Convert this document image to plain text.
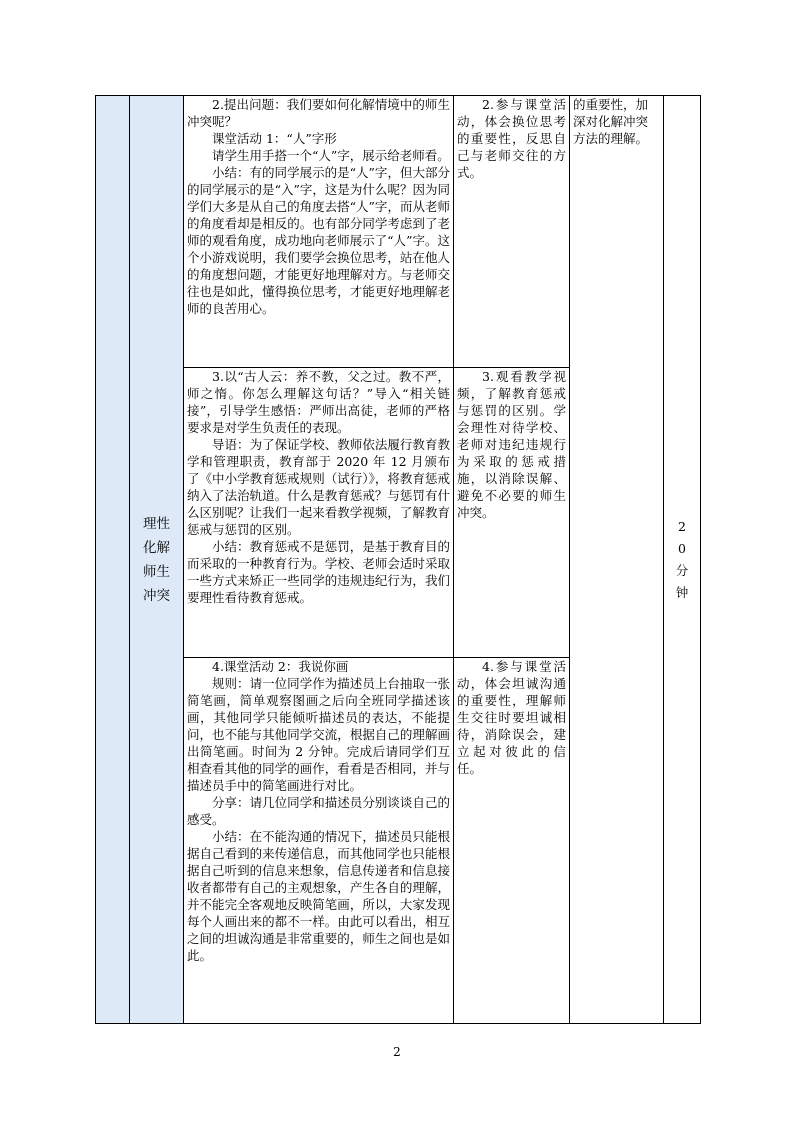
	理性化解师生冲突	2.提出问题：我们要如何化解情境中的师生冲突呢？

课堂活动 1：“人”字形

请学生用手搭一个“人”字，展示给老师看。

小结：有的同学展示的是“人”字，但大部分的同学展示的是“入”字，这是为什么呢？因为同学们大多是从自己的角度去搭“人”字，而从老师的角度看却是相反的。也有部分同学考虑到了老师的观看角度，成功地向老师展示了“人”字。这个小游戏说明，我们要学会换位思考，站在他人的角度想问题，才能更好地理解对方。与老师交往也是如此，懂得换位思考，才能更好地理解老师的良苦用心。	2.参与课堂活动，体会换位思考的重要性，反思自己与老师交往的方式。	的重要性，加深对化解冲突方法的理解。	20分钟

		3.以“古人云：养不教，父之过。教不严，师之惰。你怎么理解这句话？”导入“相关链接”，引导学生感悟：严师出高徒，老师的严格要求是对学生负责任的表现。

导语：为了保证学校、教师依法履行教育教学和管理职责，教育部于 2020 年 12 月颁布了《中小学教育惩戒规则（试行）》，将教育惩戒纳入了法治轨道。什么是教育惩戒？与惩罚有什么区别呢？让我们一起来看教学视频，了解教育惩戒与惩罚的区别。

小结：教育惩戒不是惩罚，是基于教育目的而采取的一种教育行为。学校、老师会适时采取一些方式来矫正一些同学的违规违纪行为，我们要理性看待教育惩戒。	3.观看教学视频，了解教育惩戒与惩罚的区别。学会理性对待学校、老师对违纪违规行为采取的惩戒措施，以消除误解、避免不必要的师生冲突。		

		4.课堂活动 2：我说你画

规则：请一位同学作为描述员上台抽取一张简笔画，简单观察图画之后向全班同学描述该画，其他同学只能倾听描述员的表达，不能提问，也不能与其他同学交流，根据自己的理解画出简笔画。时间为 2 分钟。完成后请同学们互相查看其他的同学的画作，看看是否相同，并与描述员手中的简笔画进行对比。

分享：请几位同学和描述员分别谈谈自己的感受。

小结：在不能沟通的情况下，描述员只能根据自己看到的来传递信息，而其他同学也只能根据自己听到的信息来想象，信息传递者和信息接收者都带有自己的主观想象，产生各自的理解，并不能完全客观地反映简笔画，所以，大家发现每个人画出来的都不一样。由此可以看出，相互之间的坦诚沟通是非常重要的，师生之间也是如此。	4.参与课堂活动，体会坦诚沟通的重要性，理解师生交往时要坦诚相待，消除误会，建立起对彼此的信任。		

2
